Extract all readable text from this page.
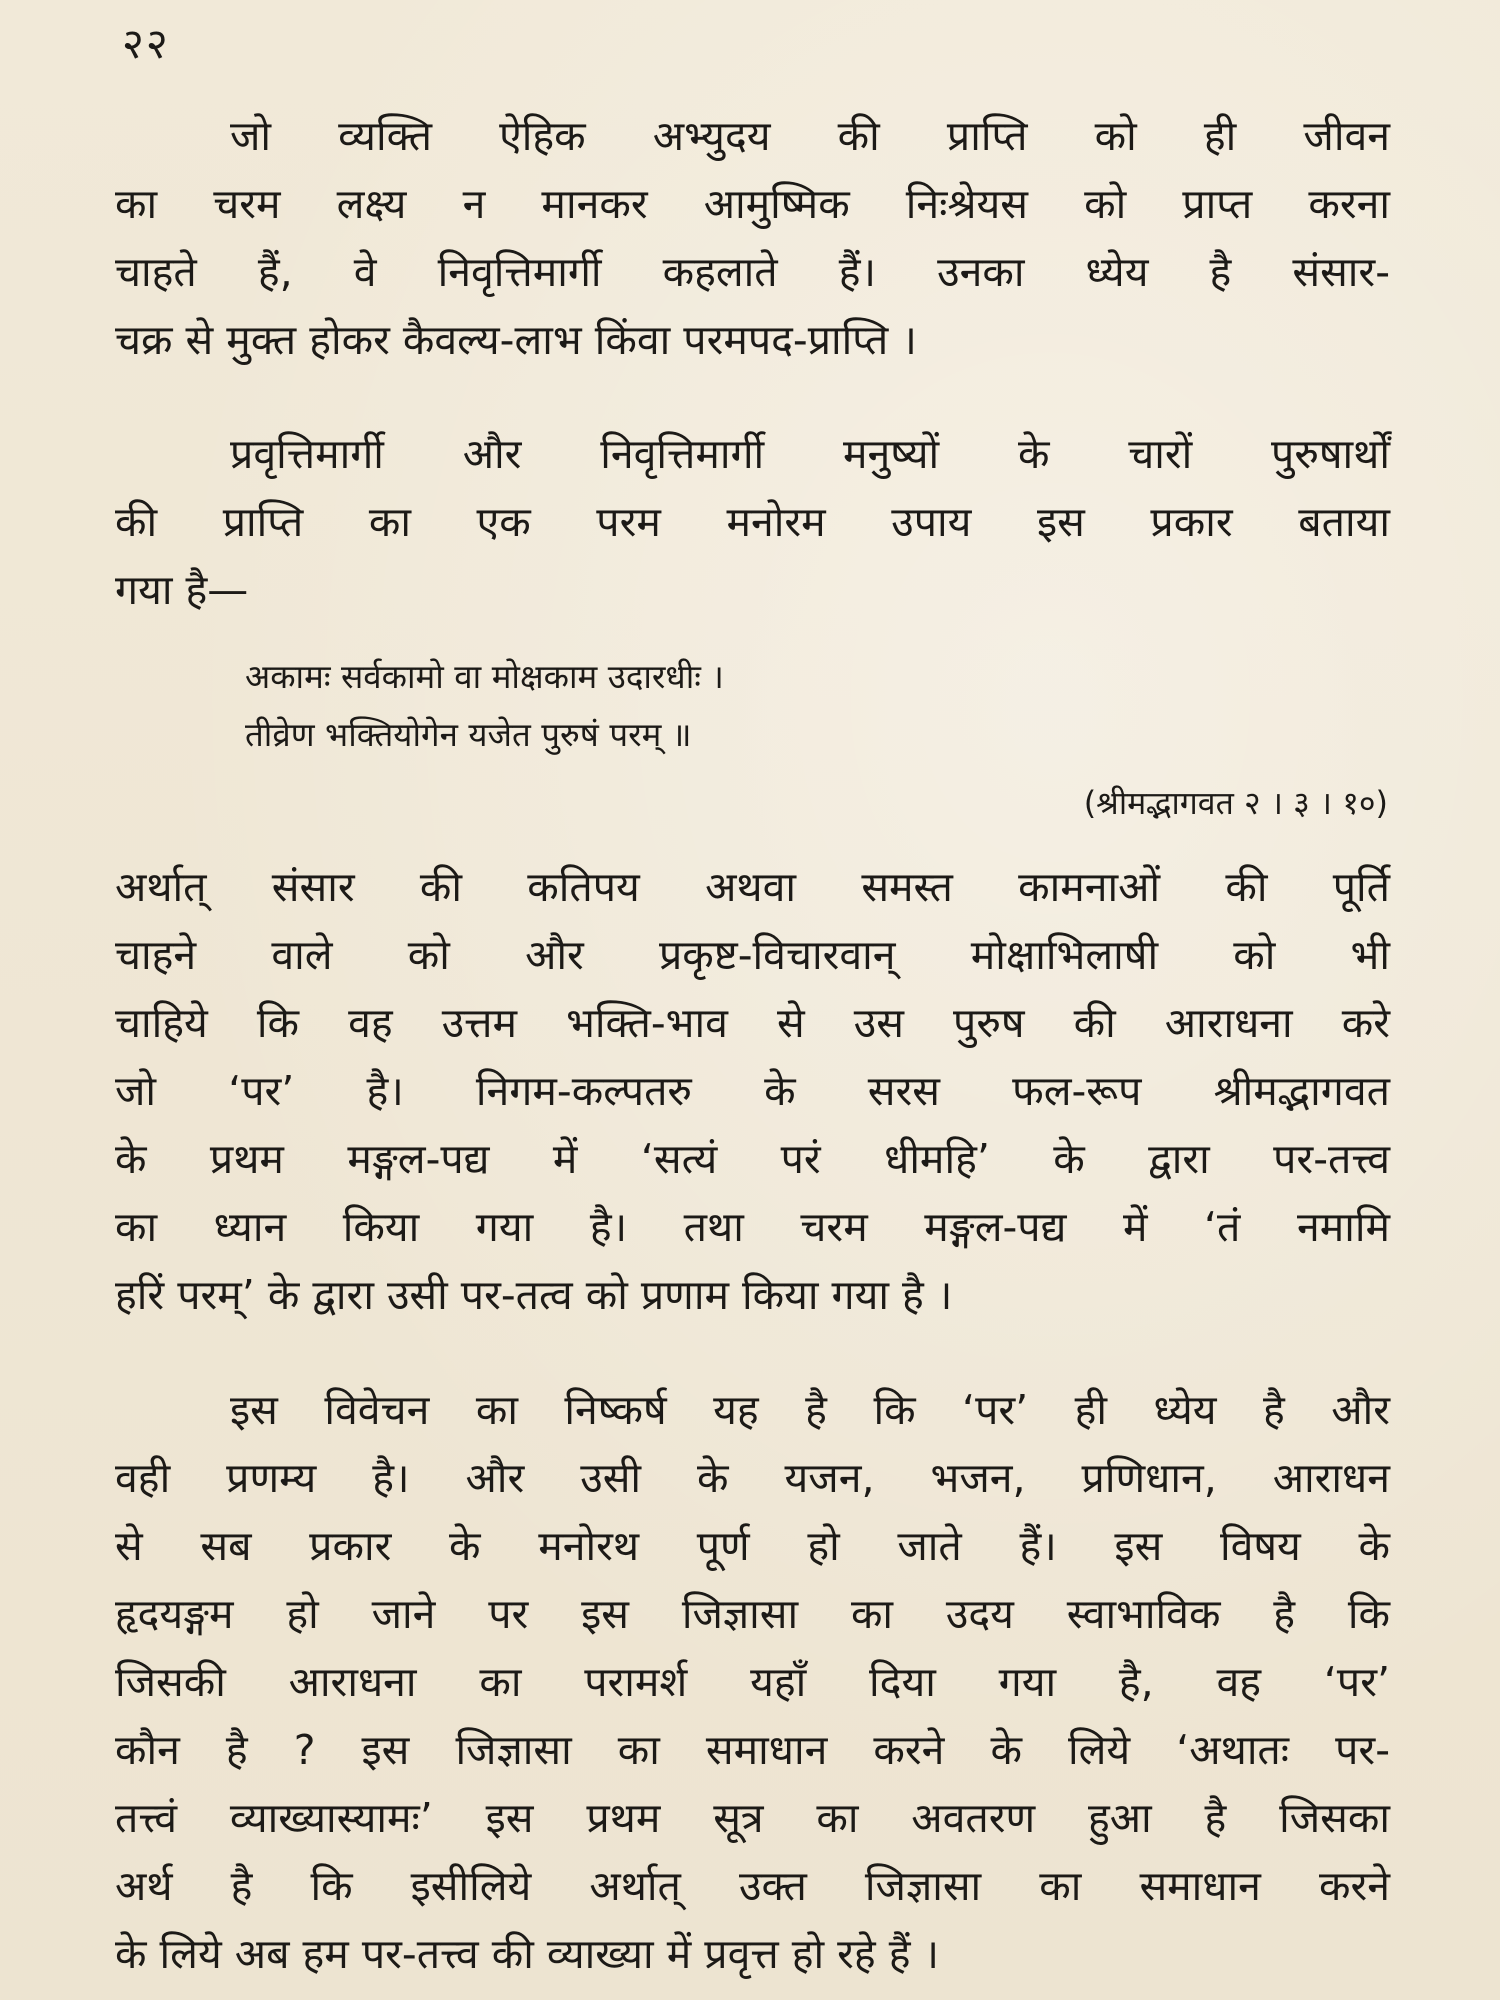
२२
जो व्यक्ति ऐहिक अभ्युदय की प्राप्ति को ही जीवन
का चरम लक्ष्य न मानकर आमुष्मिक निःश्रेयस को प्राप्त करना
चाहते हैं, वे निवृत्तिमार्गी कहलाते हैं। उनका ध्येय है संसार-
चक्र से मुक्त होकर कैवल्य-लाभ किंवा परमपद-प्राप्ति ।
प्रवृत्तिमार्गी और निवृत्तिमार्गी मनुष्यों के चारों पुरुषार्थों
की प्राप्ति का एक परम मनोरम उपाय इस प्रकार बताया
गया है—
अकामः सर्वकामो वा मोक्षकाम उदारधीः ।
तीव्रेण भक्तियोगेन यजेत पुरुषं परम् ॥
(श्रीमद्भागवत २ । ३ । १०)
अर्थात् संसार की कतिपय अथवा समस्त कामनाओं की पूर्ति
चाहने वाले को और प्रकृष्ट-विचारवान् मोक्षाभिलाषी को भी
चाहिये कि वह उत्तम भक्ति-भाव से उस पुरुष की आराधना करे
जो ‘पर’ है। निगम-कल्पतरु के सरस फल-रूप श्रीमद्भागवत
के प्रथम मङ्गल-पद्य में ‘सत्यं परं धीमहि’ के द्वारा पर-तत्त्व
का ध्यान किया गया है। तथा चरम मङ्गल-पद्य में ‘तं नमामि
हरिं परम्’ के द्वारा उसी पर-तत्व को प्रणाम किया गया है ।
इस विवेचन का निष्कर्ष यह है कि ‘पर’ ही ध्येय है और
वही प्रणम्य है। और उसी के यजन, भजन, प्रणिधान, आराधन
से सब प्रकार के मनोरथ पूर्ण हो जाते हैं। इस विषय के
हृदयङ्गम हो जाने पर इस जिज्ञासा का उदय स्वाभाविक है कि
जिसकी आराधना का परामर्श यहाँ दिया गया है, वह ‘पर’
कौन है ? इस जिज्ञासा का समाधान करने के लिये ‘अथातः पर-
तत्त्वं व्याख्यास्यामः’ इस प्रथम सूत्र का अवतरण हुआ है जिसका
अर्थ है कि इसीलिये अर्थात् उक्त जिज्ञासा का समाधान करने
के लिये अब हम पर-तत्त्व की व्याख्या में प्रवृत्त हो रहे हैं ।
